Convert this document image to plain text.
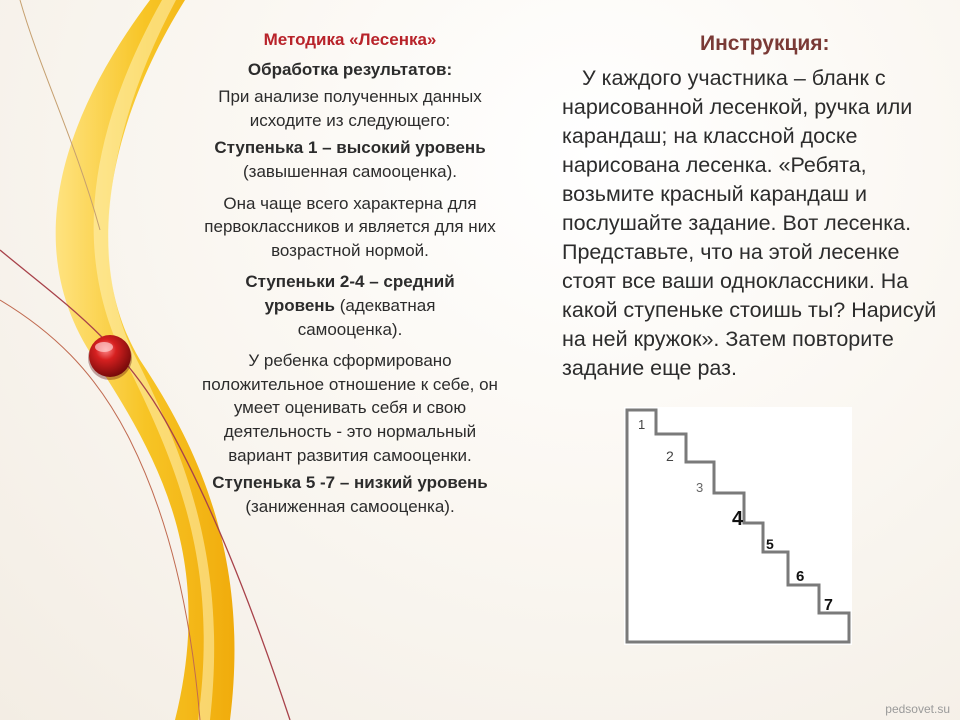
Методика «Лесенка»

Обработка результатов:

При анализе полученных данных исходите из следующего:

Ступенька 1 – высокий уровень

(завышенная самооценка).

Она чаще всего характерна для первоклассников и является для них возрастной нормой.

Ступеньки 2-4 – средний уровень (адекватная самооценка).

У ребенка сформировано положительное отношение к себе, он умеет оценивать себя и свою деятельность - это нормальный вариант развития самооценки.

Ступенька 5 -7 – низкий уровень (заниженная самооценка).

Инструкция:

У каждого участника – бланк с нарисованной лесенкой, ручка или карандаш; на классной доске нарисована лесенка. «Ребята, возьмите красный карандаш и послушайте задание. Вот лесенка. Представьте, что на этой лесенке стоят все ваши одноклассники. На какой ступеньке стоишь ты? Нарисуй на ней кружок». Затем повторите задание еще раз.

1
2
3
4
5
6
7
pedsovet.su
